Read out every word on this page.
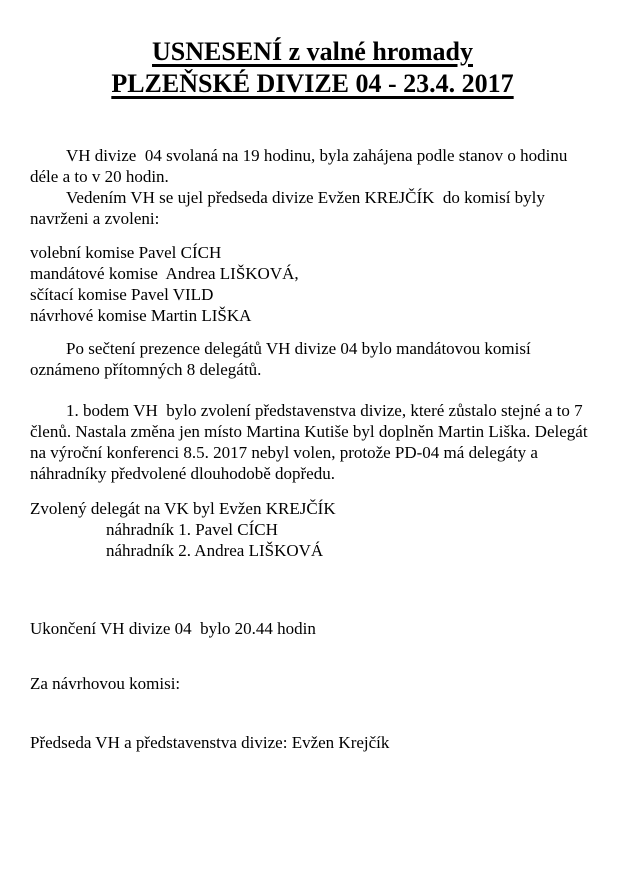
USNESENÍ z valné hromady
PLZEŇSKÉ DIVIZE 04 - 23.4. 2017
VH divize  04 svolaná na 19 hodinu, byla zahájena podle stanov o hodinu
déle a to v 20 hodin.
Vedením VH se ujel předseda divize Evžen KREJČÍK  do komisí byly
navrženi a zvoleni:
volební komise Pavel CÍCH
mandátové komise  Andrea LIŠKOVÁ,
sčítací komise Pavel VILD
návrhové komise Martin LIŠKA
Po sečtení prezence delegátů VH divize 04 bylo mandátovou komisí
oznámeno přítomných 8 delegátů.
1. bodem VH  bylo zvolení představenstva divize, které zůstalo stejné a to 7
členů. Nastala změna jen místo Martina Kutiše byl doplněn Martin Liška. Delegát
na výroční konferenci 8.5. 2017 nebyl volen, protože PD-04 má delegáty a
náhradníky předvolené dlouhodobě dopředu.
Zvolený delegát na VK byl Evžen KREJČÍK
náhradník 1. Pavel CÍCH
náhradník 2. Andrea LIŠKOVÁ
Ukončení VH divize 04  bylo 20.44 hodin
Za návrhovou komisi:
Předseda VH a představenstva divize: Evžen Krejčík
